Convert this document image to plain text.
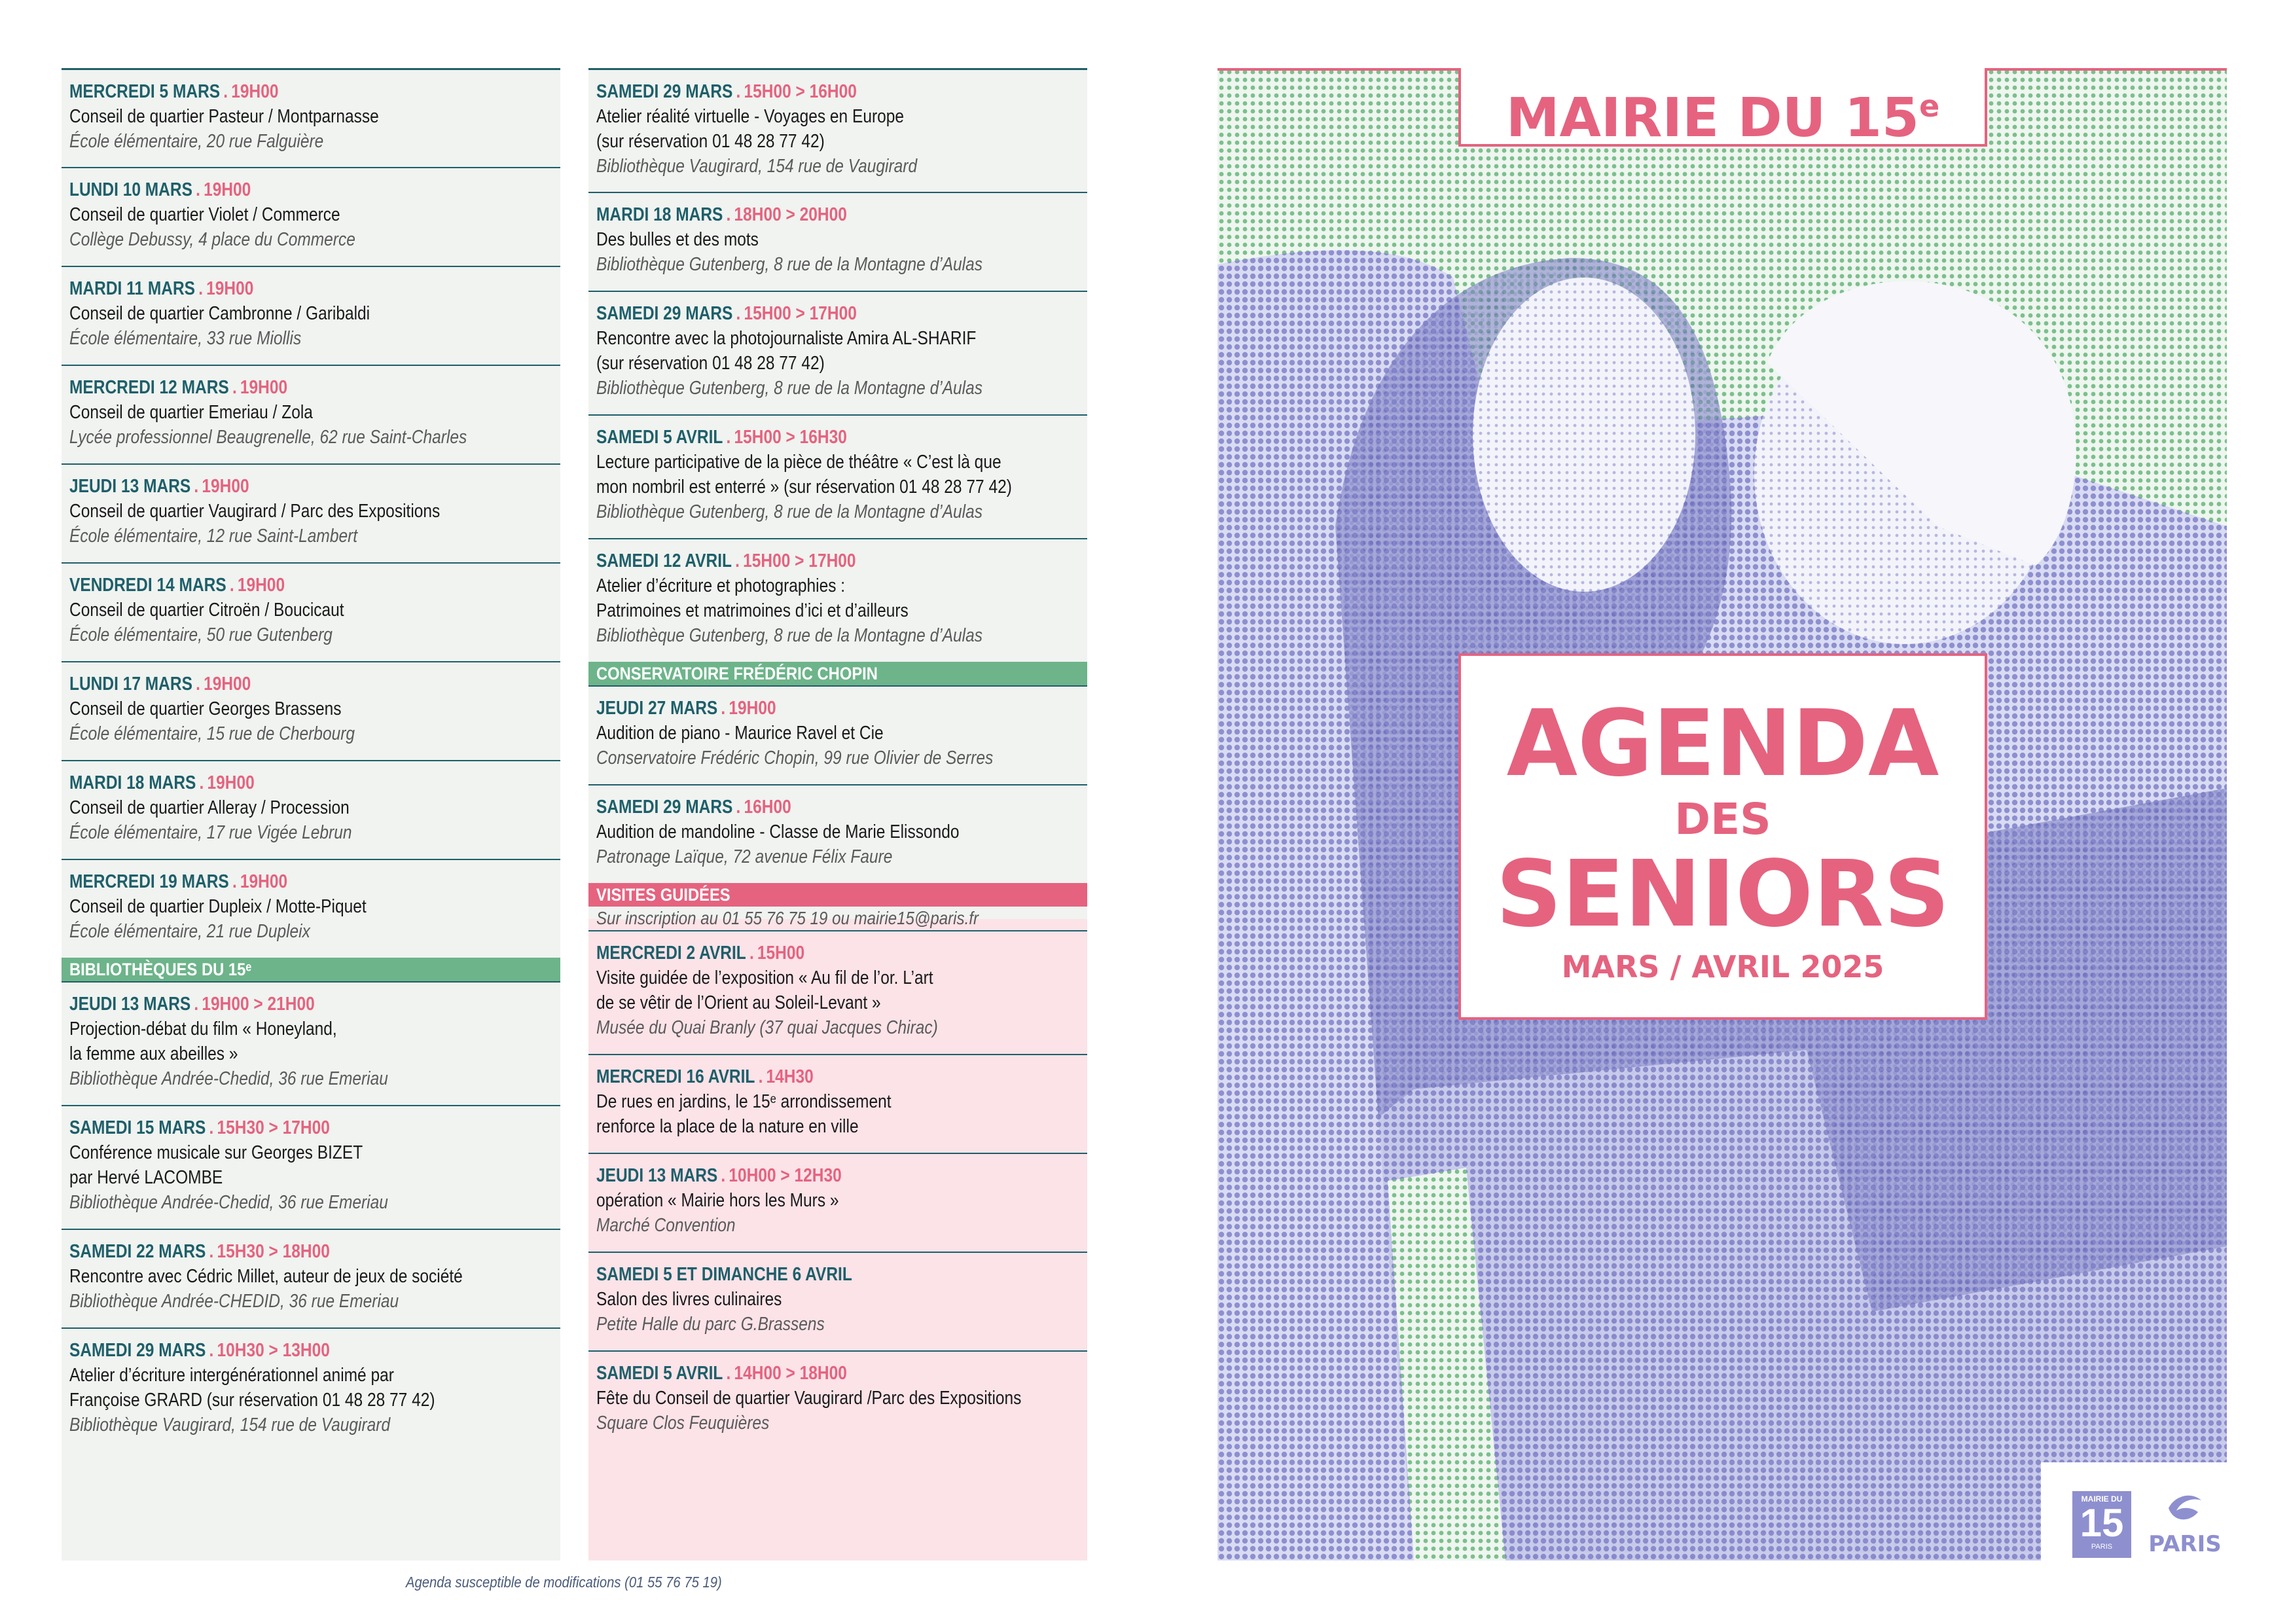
MERCREDI 5 MARS . 19H00
Conseil de quartier Pasteur / Montparnasse
École élémentaire, 20 rue Falguière
LUNDI 10 MARS . 19H00
Conseil de quartier Violet / Commerce
Collège Debussy, 4 place du Commerce
MARDI 11 MARS . 19H00
Conseil de quartier Cambronne / Garibaldi
École élémentaire, 33 rue Miollis
MERCREDI 12 MARS . 19H00
Conseil de quartier Emeriau / Zola
Lycée professionnel Beaugrenelle, 62 rue Saint-Charles
JEUDI 13 MARS . 19H00
Conseil de quartier Vaugirard / Parc des Expositions
École élémentaire, 12 rue Saint-Lambert
VENDREDI 14 MARS . 19H00
Conseil de quartier Citroën / Boucicaut
École élémentaire, 50 rue Gutenberg
LUNDI 17 MARS . 19H00
Conseil de quartier Georges Brassens
École élémentaire, 15 rue de Cherbourg
MARDI 18 MARS . 19H00
Conseil de quartier Alleray / Procession
École élémentaire, 17 rue Vigée Lebrun
MERCREDI 19 MARS . 19H00
Conseil de quartier Dupleix / Motte-Piquet
École élémentaire, 21 rue Dupleix
BIBLIOTHÈQUES DU 15ᵉ
JEUDI 13 MARS . 19H00 > 21H00
Projection-débat du film « Honeyland,
la femme aux abeilles »
Bibliothèque Andrée-Chedid, 36 rue Emeriau
SAMEDI 15 MARS . 15H30 > 17H00
Conférence musicale sur Georges BIZET
par Hervé LACOMBE
Bibliothèque Andrée-Chedid, 36 rue Emeriau
SAMEDI 22 MARS . 15H30 > 18H00
Rencontre avec Cédric Millet, auteur de jeux de société
Bibliothèque Andrée-CHEDID, 36 rue Emeriau
SAMEDI 29 MARS . 10H30 > 13H00
Atelier d’écriture intergénérationnel animé par
Françoise GRARD (sur réservation 01 48 28 77 42)
Bibliothèque Vaugirard, 154 rue de Vaugirard
SAMEDI 29 MARS . 15H00 > 16H00
Atelier réalité virtuelle - Voyages en Europe
(sur réservation 01 48 28 77 42)
Bibliothèque Vaugirard, 154 rue de Vaugirard
MARDI 18 MARS . 18H00 > 20H00
Des bulles et des mots
Bibliothèque Gutenberg, 8 rue de la Montagne d’Aulas
SAMEDI 29 MARS . 15H00 > 17H00
Rencontre avec la photojournaliste Amira AL-SHARIF
(sur réservation 01 48 28 77 42)
Bibliothèque Gutenberg, 8 rue de la Montagne d’Aulas
SAMEDI 5 AVRIL . 15H00 > 16H30
Lecture participative de la pièce de théâtre « C’est là que
mon nombril est enterré » (sur réservation 01 48 28 77 42)
Bibliothèque Gutenberg, 8 rue de la Montagne d’Aulas
SAMEDI 12 AVRIL . 15H00 > 17H00
Atelier d’écriture et photographies :
Patrimoines et matrimoines d’ici et d’ailleurs
Bibliothèque Gutenberg, 8 rue de la Montagne d’Aulas
CONSERVATOIRE FRÉDÉRIC CHOPIN
JEUDI 27 MARS . 19H00
Audition de piano - Maurice Ravel et Cie
Conservatoire Frédéric Chopin, 99 rue Olivier de Serres
SAMEDI 29 MARS . 16H00
Audition de mandoline - Classe de Marie Elissondo
Patronage Laïque, 72 avenue Félix Faure
VISITES GUIDÉES
Sur inscription au 01 55 76 75 19 ou mairie15@paris.fr
MERCREDI 2 AVRIL . 15H00
Visite guidée de l’exposition « Au fil de l’or. L’art
de se vêtir de l’Orient au Soleil-Levant »
Musée du Quai Branly (37 quai Jacques Chirac)
MERCREDI 16 AVRIL . 14H30
De rues en jardins, le 15ᵉ arrondissement
renforce la place de la nature en ville
JEUDI 13 MARS . 10H00 > 12H30
opération « Mairie hors les Murs »
Marché Convention
SAMEDI 5 ET DIMANCHE 6 AVRIL
Salon des livres culinaires
Petite Halle du parc G.Brassens
SAMEDI 5 AVRIL . 14H00 > 18H00
Fête du Conseil de quartier Vaugirard /Parc des Expositions
Square Clos Feuquières
Agenda susceptible de modifications (01 55 76 75 19)
MAIRIE DU 15e
AGENDA
DES
SENIORS
MARS / AVRIL 2025
MAIRIE DU
15
PARIS	PARIS
